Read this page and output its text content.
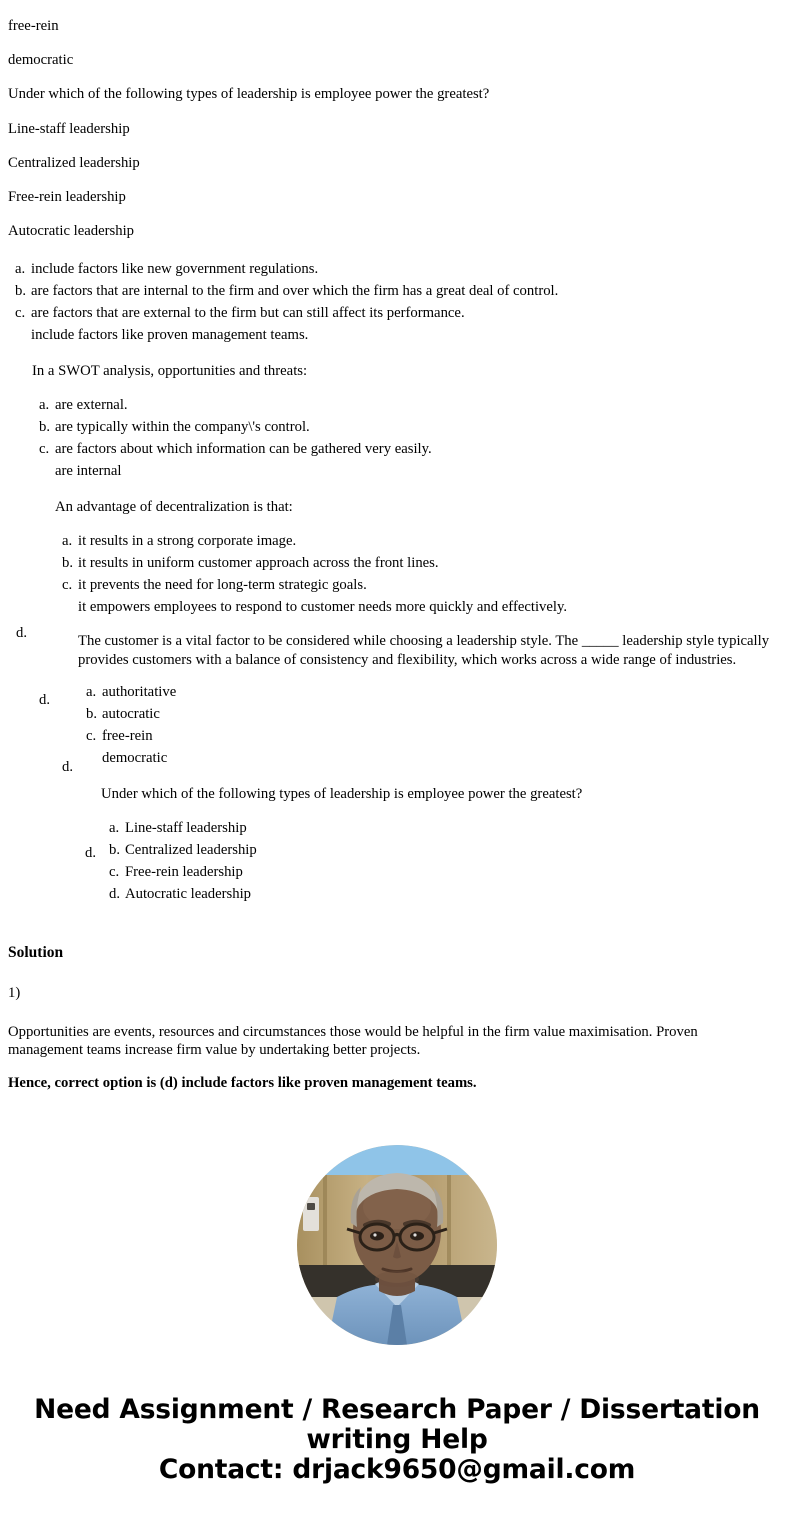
free-rein

democratic

Under which of the following types of leadership is employee power the greatest?

Line-staff leadership

Centralized leadership

Free-rein leadership

Autocratic leadership

a. include factors like new government regulations.
b. are factors that are internal to the firm and over which the firm has a great deal of control.
c. are factors that are external to the firm but can still affect its performance.
include factors like proven management teams.

In a SWOT analysis, opportunities and threats:

a. are external.
b. are typically within the company\'s control.
c. are factors about which information can be gathered very easily.
are internal

An advantage of decentralization is that:

a. it results in a strong corporate image.
b. it results in uniform customer approach across the front lines.
c. it prevents the need for long-term strategic goals.
it empowers employees to respond to customer needs more quickly and effectively.

The customer is a vital factor to be considered while choosing a leadership style. The _____ leadership style typically provides customers with a balance of consistency and flexibility, which works across a wide range of industries.

a. authoritative
b. autocratic
c. free-rein
democratic

Under which of the following types of leadership is employee power the greatest?

a. Line-staff leadership
b. Centralized leadership
c. Free-rein leadership
d. Autocratic leadership
d.
d.
d.
d.

Solution

1)

Opportunities are events, resources and circumstances those would be helpful in the firm value maximisation. Proven management teams increase firm value by undertaking better projects.

Hence, correct option is (d) include factors like proven management teams.

Need Assignment / Research Paper / Dissertation

writing Help

Contact: drjack9650@gmail.com
